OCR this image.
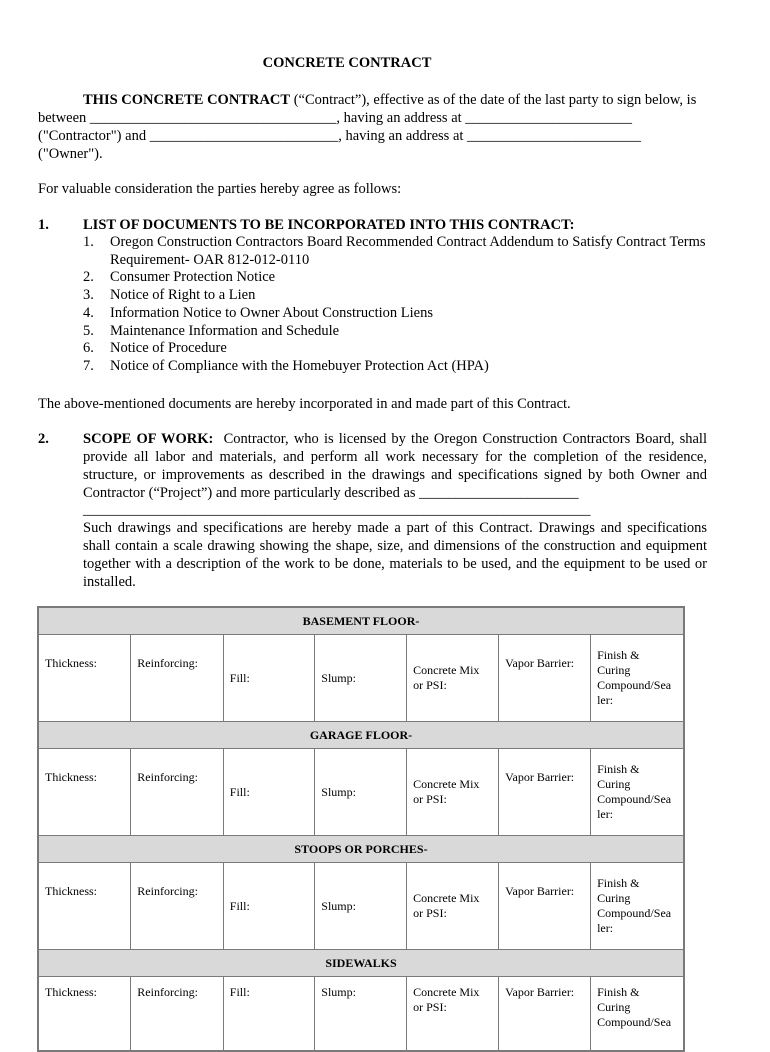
CONCRETE CONTRACT
THIS CONCRETE CONTRACT (“Contract”), effective as of the date of the last party to sign below, is
between __________________________________, having an address at _______________________
("Contractor") and __________________________, having an address at ________________________
("Owner").
For valuable consideration the parties hereby agree as follows:
1. LIST OF DOCUMENTS TO BE INCORPORATED INTO THIS CONTRACT:
1. Oregon Construction Contractors Board Recommended Contract Addendum to Satisfy Contract Terms Requirement- OAR 812-012-0110
2. Consumer Protection Notice
3. Notice of Right to a Lien
4. Information Notice to Owner About Construction Liens
5. Maintenance Information and Schedule
6. Notice of Procedure
7. Notice of Compliance with the Homebuyer Protection Act (HPA)
The above-mentioned documents are hereby incorporated in and made part of this Contract.
2. SCOPE OF WORK: Contractor, who is licensed by the Oregon Construction Contractors Board, shall provide all labor and materials, and perform all work necessary for the completion of the residence, structure, or improvements as described in the drawings and specifications signed by both Owner and Contractor (“Project”) and more particularly described as ______________________
______________________________________________________________________
Such drawings and specifications are hereby made a part of this Contract. Drawings and specifications shall contain a scale drawing showing the shape, size, and dimensions of the construction and equipment together with a description of the work to be done, materials to be used, and the equipment to be used or installed.
BASEMENT FLOOR-						
Thickness:	Reinforcing:	Fill:	Slump:	Concrete Mix or PSI:	Vapor Barrier:	Finish &
Curing
Compound/Sea
ler:
GARAGE FLOOR-						
Thickness:	Reinforcing:	Fill:	Slump:	Concrete Mix or PSI:	Vapor Barrier:	Finish &
Curing
Compound/Sea
ler:
STOOPS OR PORCHES-						
Thickness:	Reinforcing:	Fill:	Slump:	Concrete Mix or PSI:	Vapor Barrier:	Finish &
Curing
Compound/Sea
ler:
SIDEWALKS						
Thickness:	Reinforcing:	Fill:	Slump:	Concrete Mix or PSI:	Vapor Barrier:	Finish &
Curing
Compound/Sea
